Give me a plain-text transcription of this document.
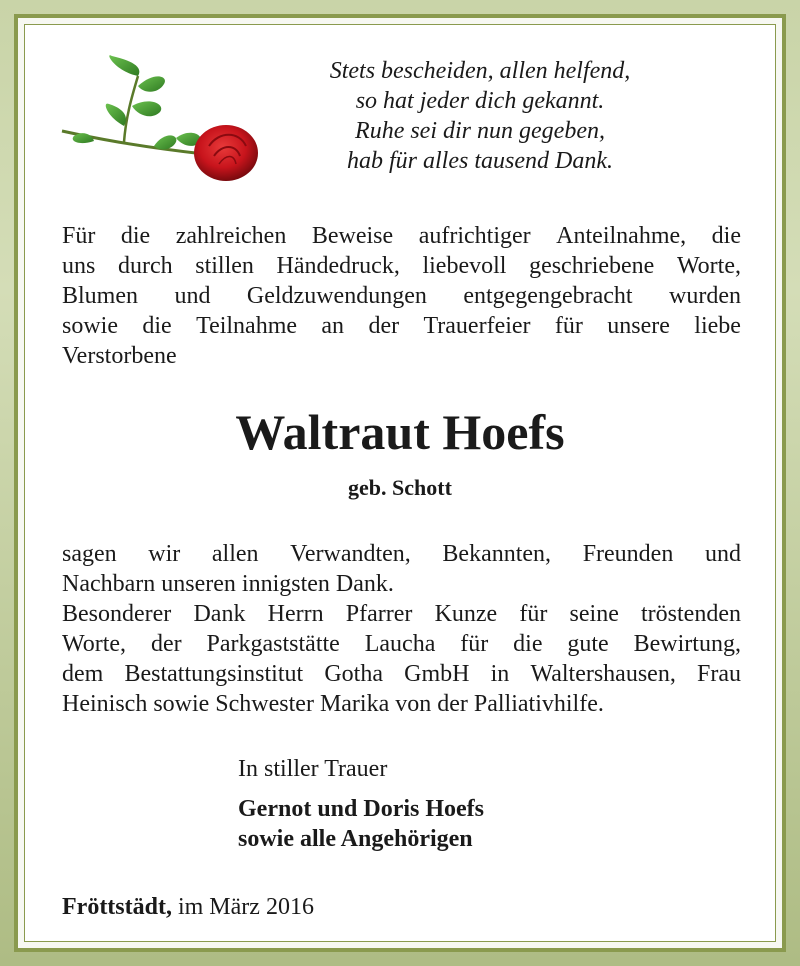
Stets bescheiden, allen helfend,
so hat jeder dich gekannt.
Ruhe sei dir nun gegeben,
hab für alles tausend Dank.
Für die zahlreichen Beweise aufrichtiger Anteilnahme, die
uns durch stillen Händedruck, liebevoll geschriebene Worte,
Blumen und Geldzuwendungen entgegengebracht wurden
sowie die Teilnahme an der Trauerfeier für unsere liebe
Verstorbene
Waltraut Hoefs
geb. Schott
sagen wir allen Verwandten, Bekannten, Freunden und
Nachbarn unseren innigsten Dank.
Besonderer Dank Herrn Pfarrer Kunze für seine tröstenden
Worte, der Parkgaststätte Laucha für die gute Bewirtung,
dem Bestattungsinstitut Gotha GmbH in Waltershausen, Frau
Heinisch sowie Schwester Marika von der Palliativhilfe.
In stiller Trauer
Gernot und Doris Hoefs
sowie alle Angehörigen
Fröttstädt, im März 2016
